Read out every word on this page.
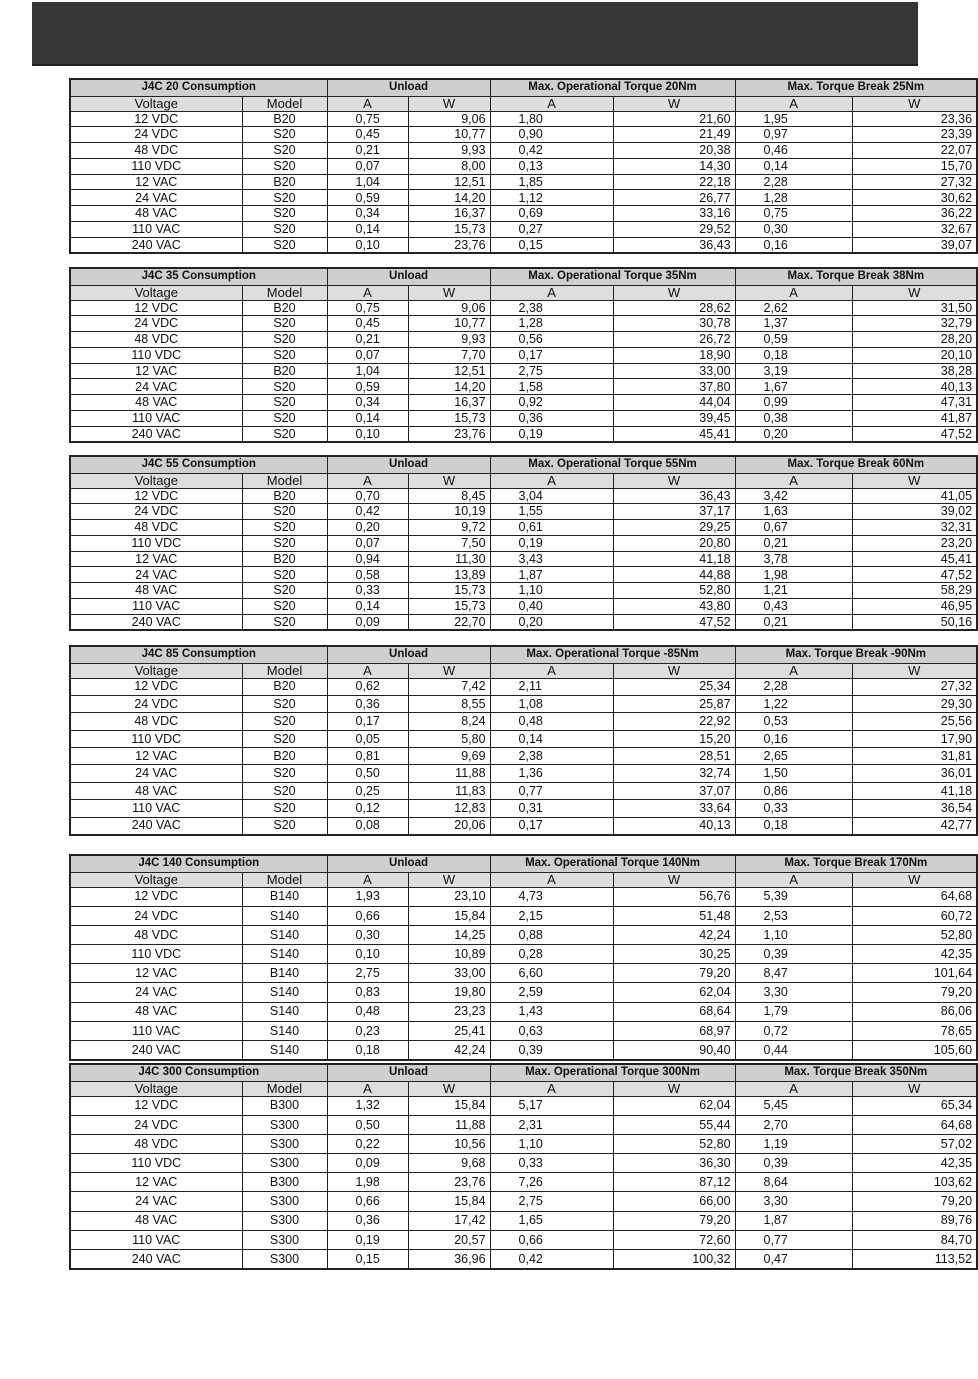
J4C 20 Consumption		Unload		Max. Operational Torque 20Nm		Max. Torque Break 25Nm	
Voltage	Model	A	W	A	W	A	W
12 VDC	B20	0,75	9,06	1,80	21,60	1,95	23,36
24 VDC	S20	0,45	10,77	0,90	21,49	0,97	23,39
48 VDC	S20	0,21	9,93	0,42	20,38	0,46	22,07
110 VDC	S20	0,07	8,00	0,13	14,30	0,14	15,70
12 VAC	B20	1,04	12,51	1,85	22,18	2,28	27,32
24 VAC	S20	0,59	14,20	1,12	26,77	1,28	30,62
48 VAC	S20	0,34	16,37	0,69	33,16	0,75	36,22
110 VAC	S20	0,14	15,73	0,27	29,52	0,30	32,67
240 VAC	S20	0,10	23,76	0,15	36,43	0,16	39,07
J4C 35 Consumption		Unload		Max. Operational Torque 35Nm		Max. Torque Break 38Nm	
Voltage	Model	A	W	A	W	A	W
12 VDC	B20	0,75	9,06	2,38	28,62	2,62	31,50
24 VDC	S20	0,45	10,77	1,28	30,78	1,37	32,79
48 VDC	S20	0,21	9,93	0,56	26,72	0,59	28,20
110 VDC	S20	0,07	7,70	0,17	18,90	0,18	20,10
12 VAC	B20	1,04	12,51	2,75	33,00	3,19	38,28
24 VAC	S20	0,59	14,20	1,58	37,80	1,67	40,13
48 VAC	S20	0,34	16,37	0,92	44,04	0,99	47,31
110 VAC	S20	0,14	15,73	0,36	39,45	0,38	41,87
240 VAC	S20	0,10	23,76	0,19	45,41	0,20	47,52
J4C 55 Consumption		Unload		Max. Operational Torque 55Nm		Max. Torque Break 60Nm	
Voltage	Model	A	W	A	W	A	W
12 VDC	B20	0,70	8,45	3,04	36,43	3,42	41,05
24 VDC	S20	0,42	10,19	1,55	37,17	1,63	39,02
48 VDC	S20	0,20	9,72	0,61	29,25	0,67	32,31
110 VDC	S20	0,07	7,50	0,19	20,80	0,21	23,20
12 VAC	B20	0,94	11,30	3,43	41,18	3,78	45,41
24 VAC	S20	0,58	13,89	1,87	44,88	1,98	47,52
48 VAC	S20	0,33	15,73	1,10	52,80	1,21	58,29
110 VAC	S20	0,14	15,73	0,40	43,80	0,43	46,95
240 VAC	S20	0,09	22,70	0,20	47,52	0,21	50,16
J4C 85 Consumption		Unload		Max. Operational Torque -85Nm		Max. Torque Break -90Nm	
Voltage	Model	A	W	A	W	A	W
12 VDC	B20	0,62	7,42	2,11	25,34	2,28	27,32
24 VDC	S20	0,36	8,55	1,08	25,87	1,22	29,30
48 VDC	S20	0,17	8,24	0,48	22,92	0,53	25,56
110 VDC	S20	0,05	5,80	0,14	15,20	0,16	17,90
12 VAC	B20	0,81	9,69	2,38	28,51	2,65	31,81
24 VAC	S20	0,50	11,88	1,36	32,74	1,50	36,01
48 VAC	S20	0,25	11,83	0,77	37,07	0,86	41,18
110 VAC	S20	0,12	12,83	0,31	33,64	0,33	36,54
240 VAC	S20	0,08	20,06	0,17	40,13	0,18	42,77
J4C 140 Consumption		Unload		Max. Operational Torque 140Nm		Max. Torque Break 170Nm	
Voltage	Model	A	W	A	W	A	W
12 VDC	B140	1,93	23,10	4,73	56,76	5,39	64,68
24 VDC	S140	0,66	15,84	2,15	51,48	2,53	60,72
48 VDC	S140	0,30	14,25	0,88	42,24	1,10	52,80
110 VDC	S140	0,10	10,89	0,28	30,25	0,39	42,35
12 VAC	B140	2,75	33,00	6,60	79,20	8,47	101,64
24 VAC	S140	0,83	19,80	2,59	62,04	3,30	79,20
48 VAC	S140	0,48	23,23	1,43	68,64	1,79	86,06
110 VAC	S140	0,23	25,41	0,63	68,97	0,72	78,65
240 VAC	S140	0,18	42,24	0,39	90,40	0,44	105,60
J4C 300 Consumption		Unload		Max. Operational Torque 300Nm		Max. Torque Break 350Nm	
Voltage	Model	A	W	A	W	A	W
12 VDC	B300	1,32	15,84	5,17	62,04	5,45	65,34
24 VDC	S300	0,50	11,88	2,31	55,44	2,70	64,68
48 VDC	S300	0,22	10,56	1,10	52,80	1,19	57,02
110 VDC	S300	0,09	9,68	0,33	36,30	0,39	42,35
12 VAC	B300	1,98	23,76	7,26	87,12	8,64	103,62
24 VAC	S300	0,66	15,84	2,75	66,00	3,30	79,20
48 VAC	S300	0,36	17,42	1,65	79,20	1,87	89,76
110 VAC	S300	0,19	20,57	0,66	72,60	0,77	84,70
240 VAC	S300	0,15	36,96	0,42	100,32	0,47	113,52
